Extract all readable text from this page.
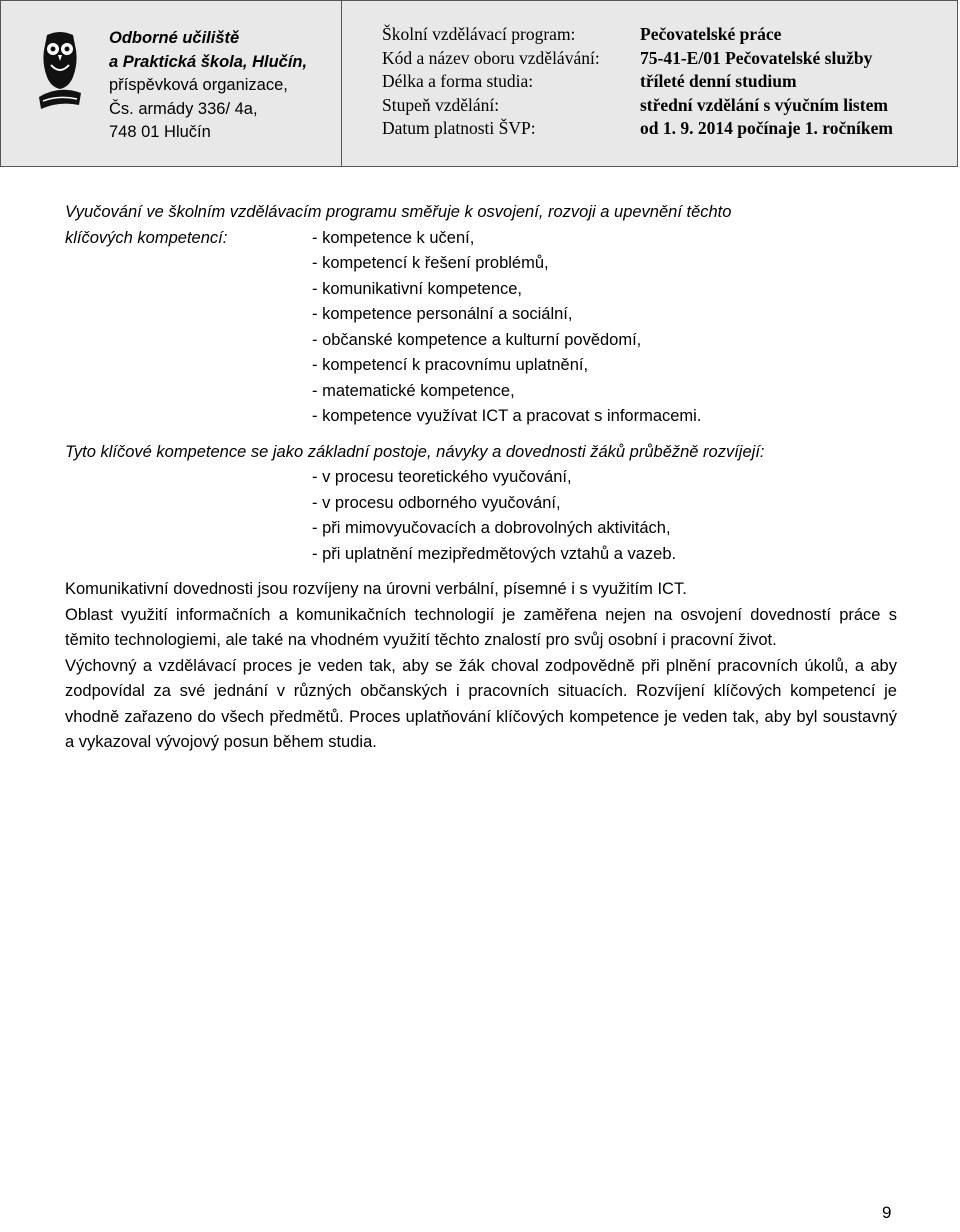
Odborné učiliště
a Praktická škola, Hlučín,
příspěvková organizace,
Čs. armády 336/ 4a,
748 01 Hlučín
Školní vzdělávací program:	Pečovatelské práce
Kód a název oboru vzdělávání:	75-41-E/01 Pečovatelské služby
Délka a forma studia:	tříleté denní studium
Stupeň vzdělání:	střední vzdělání s výučním listem
Datum platnosti ŠVP:	od 1. 9. 2014 počínaje 1. ročníkem
Vyučování ve školním vzdělávacím programu směřuje k osvojení, rozvoji a upevnění těchto
klíčových kompetencí:	- kompetence k učení,
- kompetencí k řešení problémů,
- komunikativní kompetence,
- kompetence personální a sociální,
- občanské kompetence a kulturní povědomí,
- kompetencí k pracovnímu uplatnění,
- matematické kompetence,
- kompetence využívat ICT a pracovat s informacemi.
Tyto klíčové kompetence se jako základní postoje, návyky a dovednosti žáků průběžně rozvíjejí:
- v procesu teoretického vyučování,
- v procesu odborného vyučování,
- při mimovyučovacích a dobrovolných aktivitách,
- při uplatnění mezipředmětových vztahů a vazeb.
Komunikativní dovednosti jsou rozvíjeny na úrovni verbální, písemné i s využitím ICT.
Oblast využití informačních a komunikačních technologií je zaměřena nejen na osvojení dovedností práce s těmito technologiemi, ale také na vhodném využití těchto znalostí pro svůj osobní i pracovní život.
Výchovný a vzdělávací proces je veden tak, aby se žák choval zodpovědně při plnění pracovních úkolů, a aby zodpovídal za své jednání v různých občanských i pracovních situacích. Rozvíjení klíčových kompetencí je vhodně zařazeno do všech předmětů. Proces uplatňování klíčových kompetence je veden tak, aby byl soustavný a vykazoval vývojový posun během studia.
9
